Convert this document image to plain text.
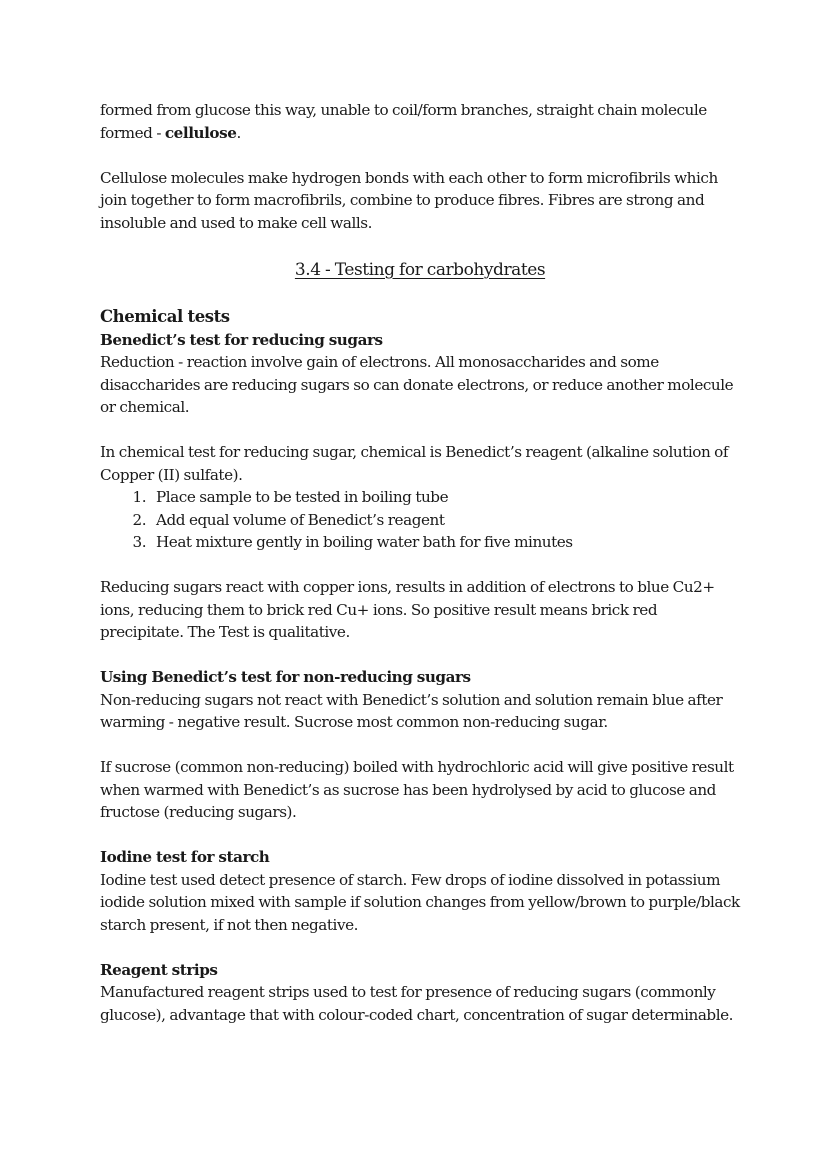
formed from glucose this way, unable to coil/form branches, straight chain molecule formed - cellulose.

Cellulose molecules make hydrogen bonds with each other to form microfibrils which join together to form macrofibrils, combine to produce fibres. Fibres are strong and insoluble and used to make cell walls.

3.4 - Testing for carbohydrates

Chemical tests

Benedict’s test for reducing sugars

Reduction - reaction involve gain of electrons. All monosaccharides and some disaccharides are reducing sugars so can donate electrons, or reduce another molecule or chemical.

In chemical test for reducing sugar, chemical is Benedict’s reagent (alkaline solution of Copper (II) sulfate).

1. Place sample to be tested in boiling tube
2. Add equal volume of Benedict’s reagent
3. Heat mixture gently in boiling water bath for five minutes

Reducing sugars react with copper ions, results in addition of electrons to blue Cu2+ ions, reducing them to brick red Cu+ ions. So positive result means brick red precipitate. The Test is qualitative.

Using Benedict’s test for non-reducing sugars

Non-reducing sugars not react with Benedict’s solution and solution remain blue after warming - negative result. Sucrose most common non-reducing sugar.

If sucrose (common non-reducing) boiled with hydrochloric acid will give positive result when warmed with Benedict’s as sucrose has been hydrolysed by acid to glucose and fructose (reducing sugars).

Iodine test for starch

Iodine test used detect presence of starch. Few drops of iodine dissolved in potassium iodide solution mixed with sample if solution changes from yellow/brown to purple/black starch present, if not then negative.

Reagent strips

Manufactured reagent strips used to test for presence of reducing sugars (commonly glucose), advantage that with colour-coded chart, concentration of sugar determinable.
